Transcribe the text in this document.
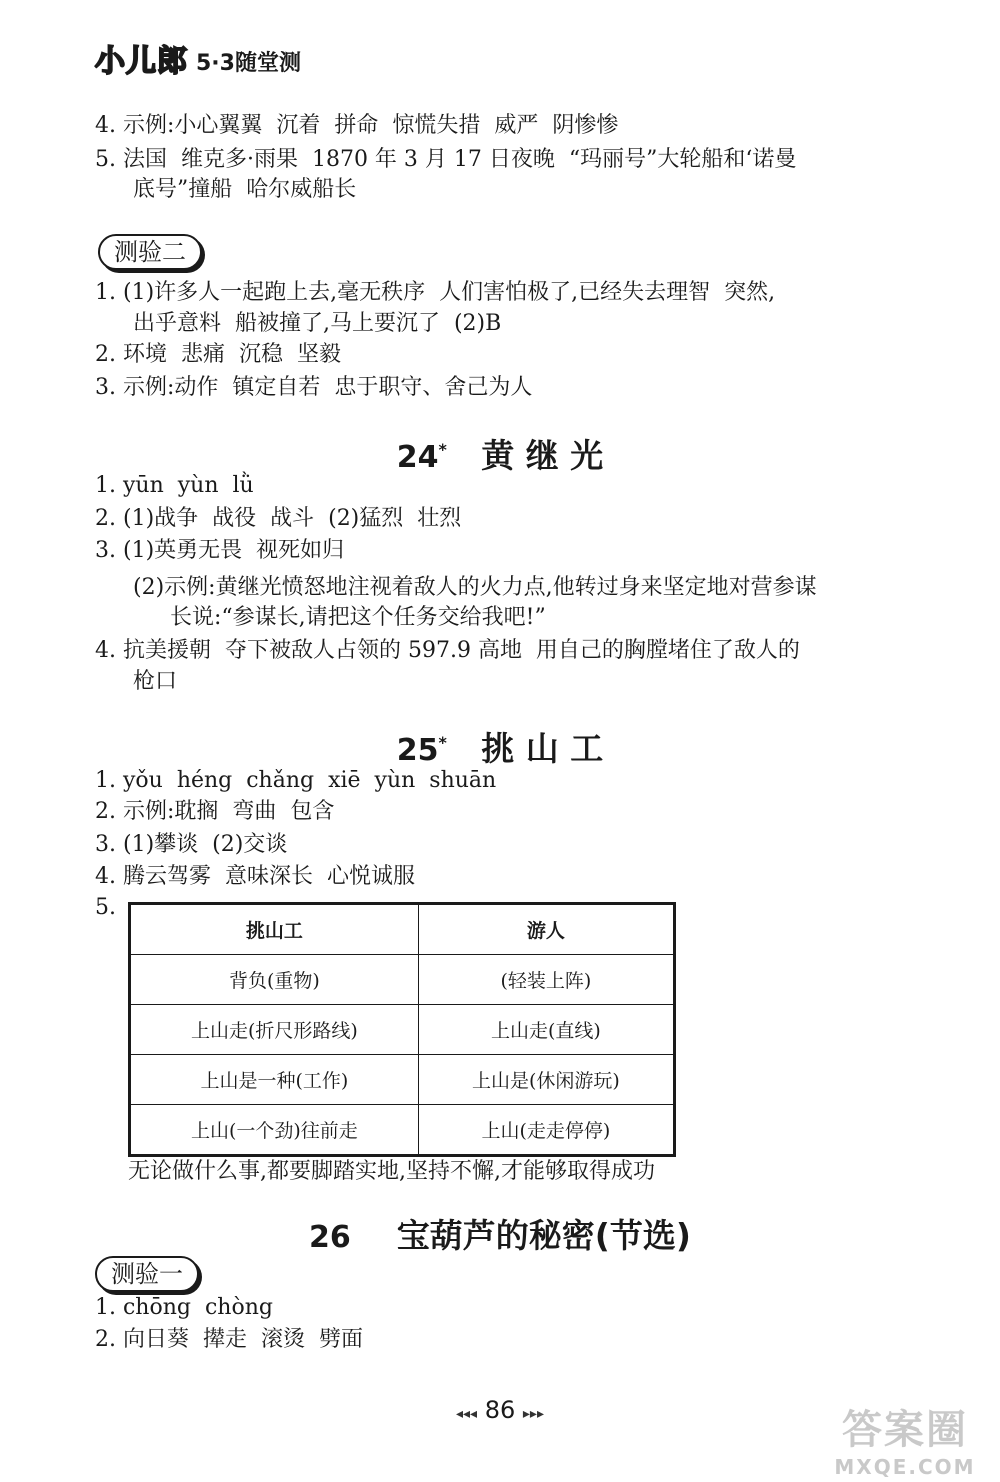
小儿郎 5·3随堂测
4. 示例:小心翼翼  沉着  拼命  惊慌失措  威严  阴惨惨
5. 法国  维克多·雨果  1870 年 3 月 17 日夜晚  “玛丽号”大轮船和‘诺曼
底号”撞船  哈尔威船长
测验二
1. (1)许多人一起跑上去,毫无秩序  人们害怕极了,已经失去理智  突然,
出乎意料  船被撞了,马上要沉了  (2)B
2. 环境  悲痛  沉稳  坚毅
3. 示例:动作  镇定自若  忠于职守、舍己为人
24* 黄 继 光
1. yūn  yùn  lǜ
2. (1)战争  战役  战斗  (2)猛烈  壮烈
3. (1)英勇无畏  视死如归
(2)示例:黄继光愤怒地注视着敌人的火力点,他转过身来坚定地对营参谋
长说:“参谋长,请把这个任务交给我吧!”
4. 抗美援朝  夺下被敌人占领的 597.9 高地  用自己的胸膛堵住了敌人的
枪口
25* 挑 山 工
1. yǒu  héng  chǎng  xiē  yùn  shuān
2. 示例:耽搁  弯曲  包含
3. (1)攀谈  (2)交谈
4. 腾云驾雾  意味深长  心悦诚服
5.
挑山工	游人
背负(重物)	(轻装上阵)
上山走(折尺形路线)	上山走(直线)
上山是一种(工作)	上山是(休闲游玩)
上山(一个劲)往前走	上山(走走停停)
无论做什么事,都要脚踏实地,坚持不懈,才能够取得成功
26 宝葫芦的秘密(节选)
测验一
1. chōng  chòng
2. 向日葵  撵走  滚烫  劈面
◂◂◂ 86 ▸▸▸	答案圈
MXQE.COM
